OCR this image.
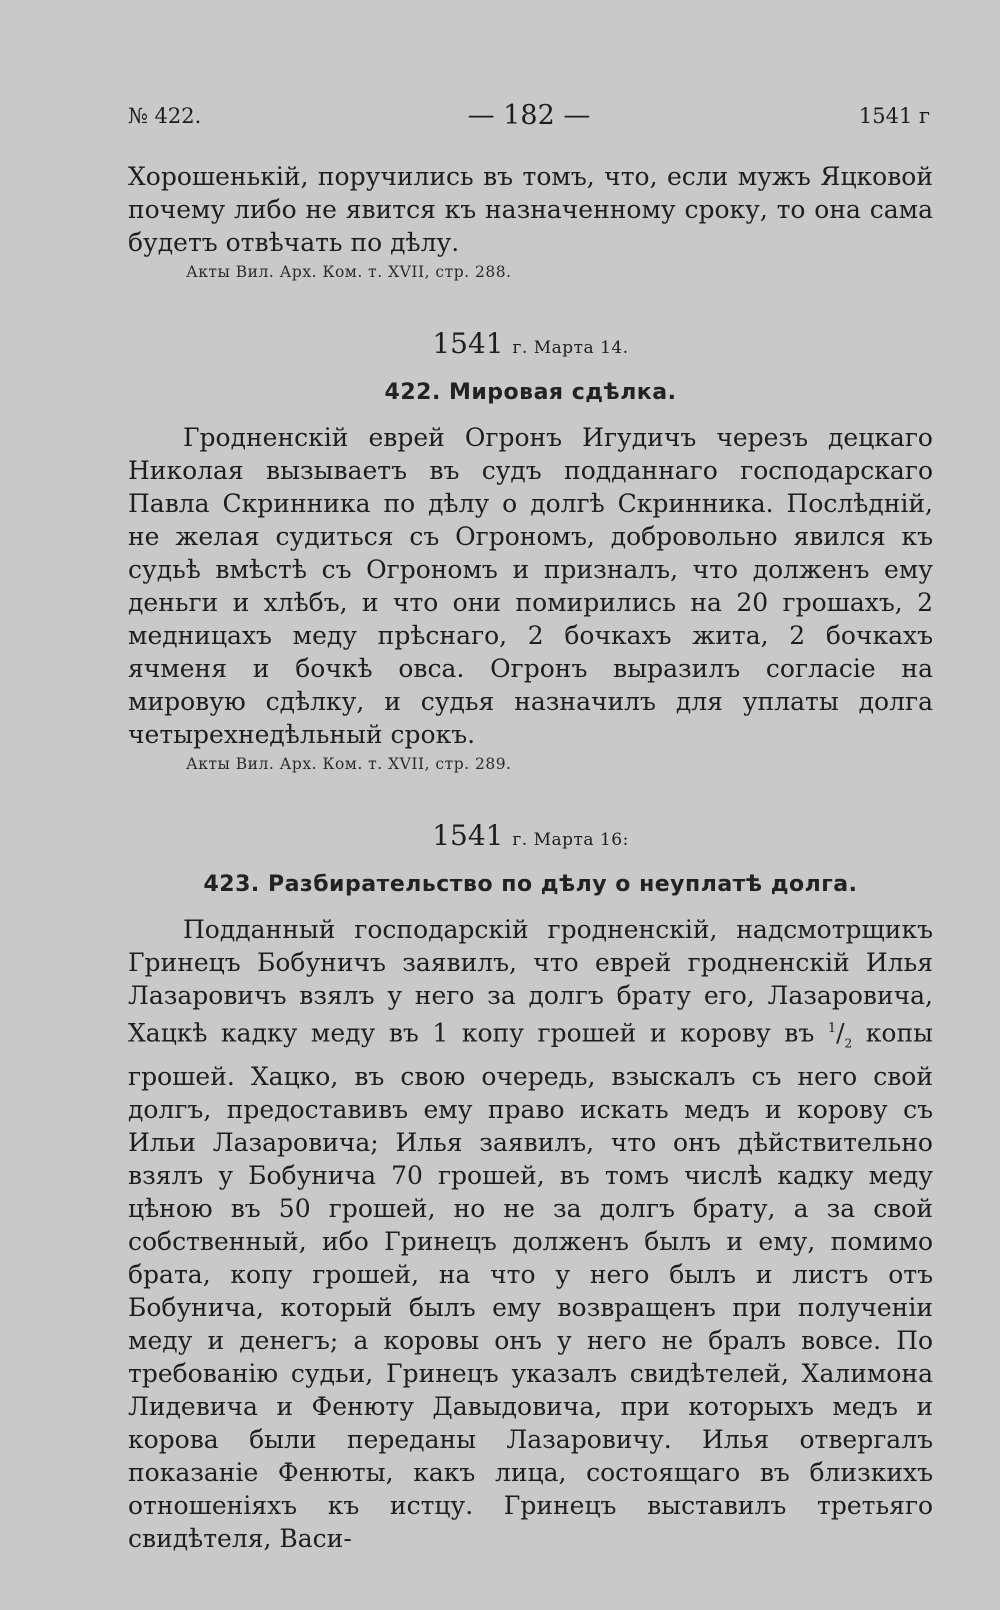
№ 422.	— 182 —	1541 г

Хорошенькій, поручились въ томъ, что, если мужъ Яцковой почему либо не явится къ назначенному сроку, то она сама будетъ отвѣчать по дѣлу.

Акты Вил. Арх. Ком. т. XVII, стр. 288.
1541 г. Марта 14.
422. Мировая сдѣлка.

Гродненскій еврей Огронъ Игудичъ черезъ децкаго Николая вызываетъ въ судъ подданнаго господарскаго Павла Скринника по дѣлу о долгѣ Скринника. Послѣдній, не желая судиться съ Огрономъ, добровольно явился къ судьѣ вмѣстѣ съ Огрономъ и призналъ, что долженъ ему деньги и хлѣбъ, и что они помирились на 20 грошахъ, 2 медницахъ меду прѣснаго, 2 бочкахъ жита, 2 бочкахъ ячменя и бочкѣ овса. Огронъ выразилъ согласіе на мировую сдѣлку, и судья назначилъ для уплаты долга четырехнедѣльный срокъ.

Акты Вил. Арх. Ком. т. XVII, стр. 289.
1541 г. Марта 16:
423. Разбирательство по дѣлу о неуплатѣ долга.

Подданный господарскій гродненскій, надсмотрщикъ Гринецъ Бобуничъ заявилъ, что еврей гродненскій Илья Лазаровичъ взялъ у него за долгъ брату его, Лазаровича, Хацкѣ кадку меду въ 1 копу грошей и корову въ $^1/_2$ копы грошей. Хацко, въ свою очередь, взыскалъ съ него свой долгъ, предоставивъ ему право искать медъ и корову съ Ильи Лазаровича; Илья заявилъ, что онъ дѣйствительно взялъ у Бобунича 70 грошей, въ томъ числѣ кадку меду цѣною въ 50 грошей, но не за долгъ брату, а за свой собственный, ибо Гринецъ долженъ былъ и ему, помимо брата, копу грошей, на что у него былъ и листъ отъ Бобунича, который былъ ему возвращенъ при полученіи меду и денегъ; а коровы онъ у него не бралъ вовсе. По требованію судьи, Гринецъ указалъ свидѣтелей, Халимона Лидевича и Фенюту Давыдовича, при которыхъ медъ и корова были переданы Лазаровичу. Илья отвергалъ показаніе Фенюты, какъ лица, состоящаго въ близкихъ отношеніяхъ къ истцу. Гринецъ выставилъ третьяго свидѣтеля, Васи-
